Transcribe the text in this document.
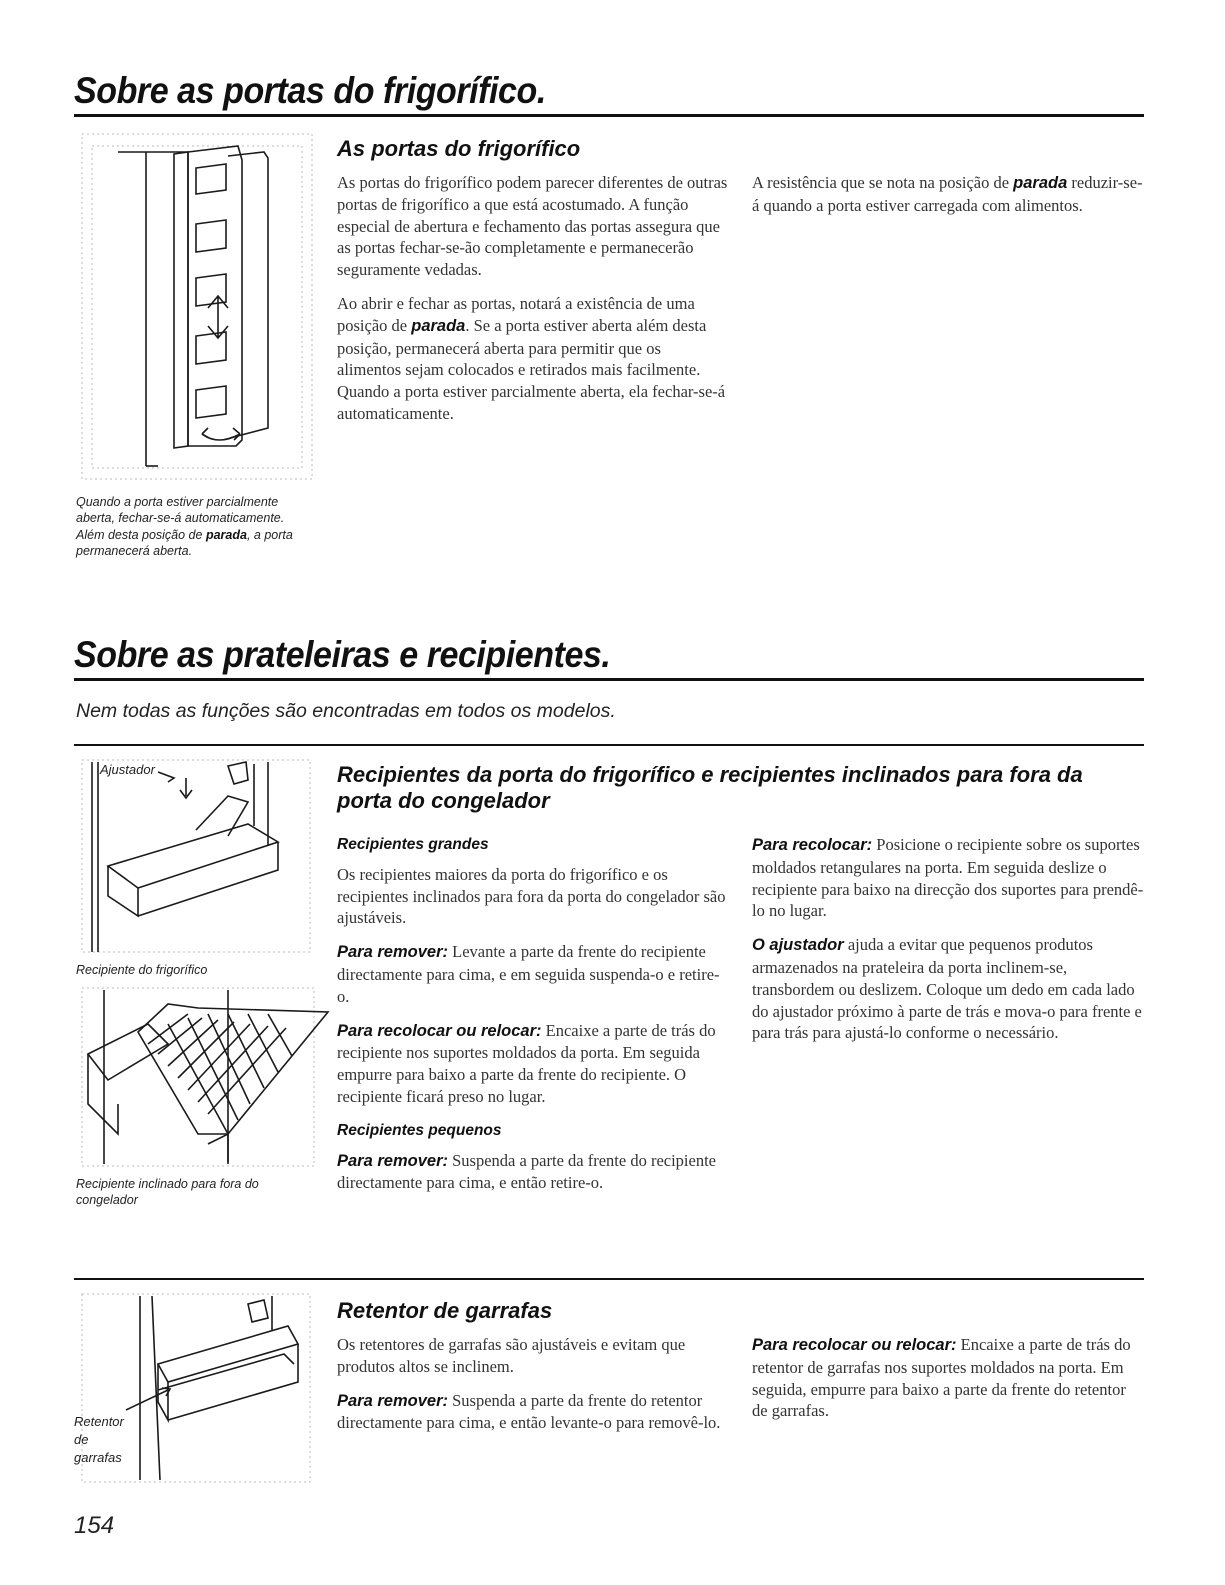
Sobre as portas do frigorífico.
Quando a porta estiver parcialmente aberta, fechar-se-á automaticamente.
Além desta posição de parada, a porta permanecerá aberta.
As portas do frigorífico

As portas do frigorífico podem parecer diferentes de outras portas de frigorífico a que está acostumado. A função especial de abertura e fechamento das portas assegura que as portas fechar-se-ão completamente e permanecerão seguramente vedadas.

Ao abrir e fechar as portas, notará a existência de uma posição de parada. Se a porta estiver aberta além desta posição, permanecerá aberta para permitir que os alimentos sejam colocados e retirados mais facilmente. Quando a porta estiver parcialmente aberta, ela fechar-se-á automaticamente.

A resistência que se nota na posição de parada reduzir-se-á quando a porta estiver carregada com alimentos.

Sobre as prateleiras e recipientes.
Nem todas as funções são encontradas em todos os modelos.
Ajustador
Recipiente do frigorífico
Recipiente inclinado para fora do congelador
Recipientes da porta do frigorífico e recipientes inclinados para fora da porta do congelador
Recipientes grandes

Os recipientes maiores da porta do frigorífico e os recipientes inclinados para fora da porta do congelador são ajustáveis.

Para remover: Levante a parte da frente do recipiente directamente para cima, e em seguida suspenda-o e retire-o.

Para recolocar ou relocar: Encaixe a parte de trás do recipiente nos suportes moldados da porta. Em seguida empurre para baixo a parte da frente do recipiente. O recipiente ficará preso no lugar.

Recipientes pequenos

Para remover: Suspenda a parte da frente do recipiente directamente para cima, e então retire-o.

Para recolocar: Posicione o recipiente sobre os suportes moldados retangulares na porta. Em seguida deslize o recipiente para baixo na direcção dos suportes para prendê-lo no lugar.

O ajustador ajuda a evitar que pequenos produtos armazenados na prateleira da porta inclinem-se, transbordem ou deslizem. Coloque um dedo em cada lado do ajustador próximo à parte de trás e mova-o para frente e para trás para ajustá-lo conforme o necessário.

Retentor
de
garrafas
Retentor de garrafas

Os retentores de garrafas são ajustáveis e evitam que produtos altos se inclinem.

Para remover: Suspenda a parte da frente do retentor directamente para cima, e então levante-o para removê-lo.

Para recolocar ou relocar: Encaixe a parte de trás do retentor de garrafas nos suportes moldados na porta. Em seguida, empurre para baixo a parte da frente do retentor de garrafas.

154
